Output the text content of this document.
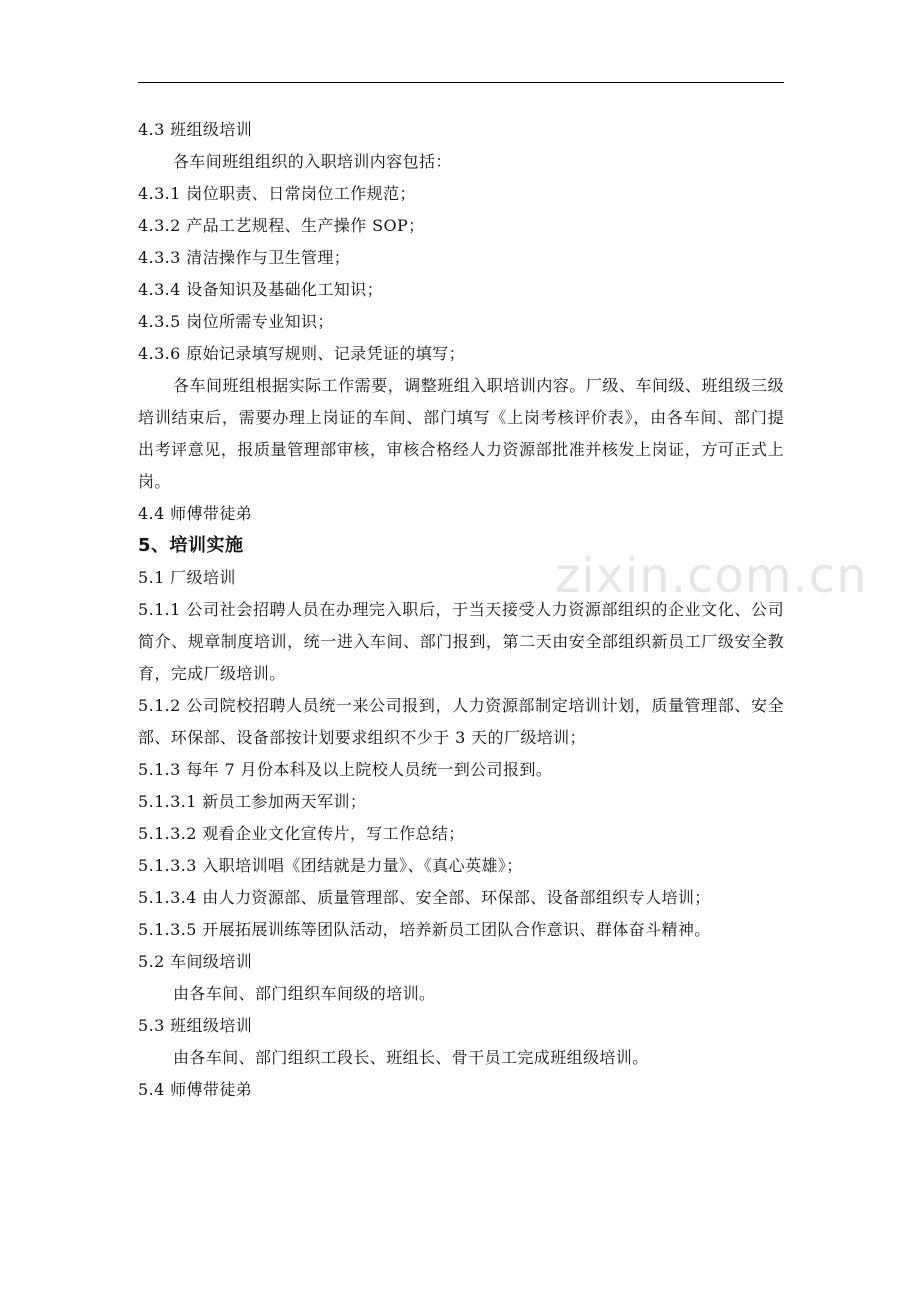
zixin.com.cn
4.3 班组级培训
各车间班组组织的入职培训内容包括：
4.3.1 岗位职责、日常岗位工作规范；
4.3.2 产品工艺规程、生产操作 SOP；
4.3.3 清洁操作与卫生管理；
4.3.4 设备知识及基础化工知识；
4.3.5 岗位所需专业知识；
4.3.6 原始记录填写规则、记录凭证的填写；
各车间班组根据实际工作需要，调整班组入职培训内容。厂级、车间级、班组级三级培训结束后，需要办理上岗证的车间、部门填写《上岗考核评价表》，由各车间、部门提出考评意见，报质量管理部审核，审核合格经人力资源部批准并核发上岗证，方可正式上岗。
4.4 师傅带徒弟
5、培训实施
5.1 厂级培训
5.1.1 公司社会招聘人员在办理完入职后，于当天接受人力资源部组织的企业文化、公司简介、规章制度培训，统一进入车间、部门报到，第二天由安全部组织新员工厂级安全教育，完成厂级培训。
5.1.2 公司院校招聘人员统一来公司报到，人力资源部制定培训计划，质量管理部、安全部、环保部、设备部按计划要求组织不少于 3 天的厂级培训；
5.1.3 每年 7 月份本科及以上院校人员统一到公司报到。
5.1.3.1 新员工参加两天军训；
5.1.3.2 观看企业文化宣传片，写工作总结；
5.1.3.3 入职培训唱《团结就是力量》、《真心英雄》；
5.1.3.4 由人力资源部、质量管理部、安全部、环保部、设备部组织专人培训；
5.1.3.5 开展拓展训练等团队活动，培养新员工团队合作意识、群体奋斗精神。
5.2 车间级培训
由各车间、部门组织车间级的培训。
5.3 班组级培训
由各车间、部门组织工段长、班组长、骨干员工完成班组级培训。
5.4 师傅带徒弟
